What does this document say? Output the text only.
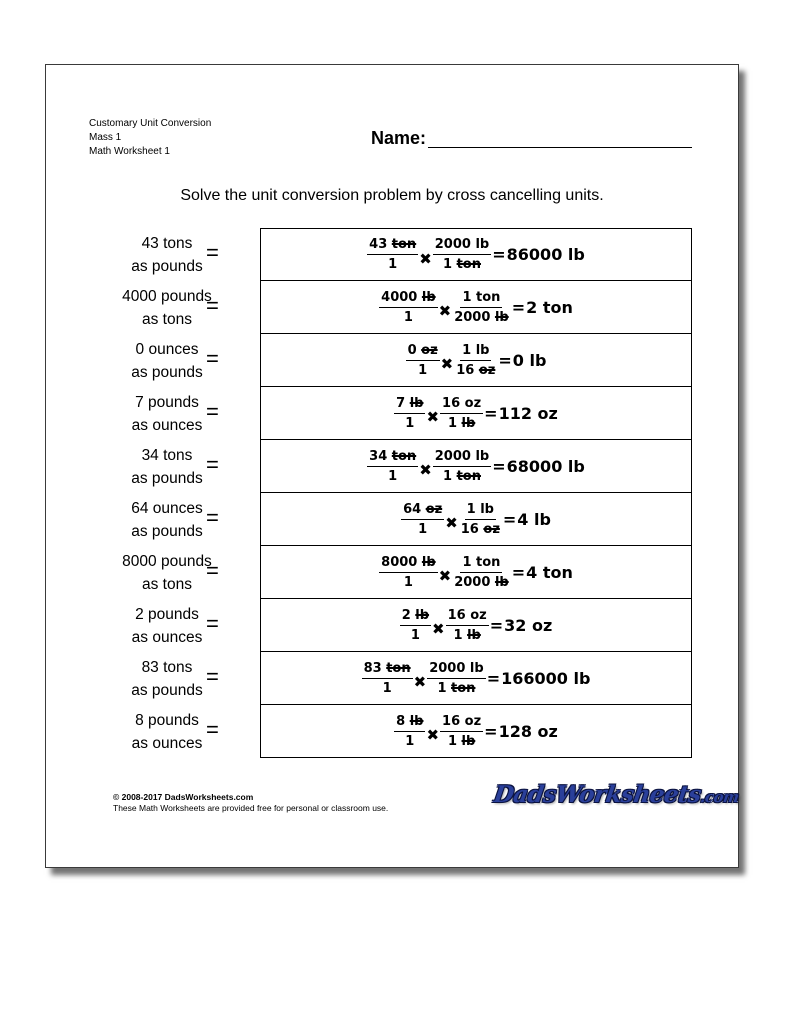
Customary Unit Conversion
Mass 1
Math Worksheet 1
Name:
Solve the unit conversion problem by cross cancelling units.
43 tons
as pounds
=	$\frac{\text{43 ton}}{1}$ ✖ $\frac{2000 lb}{\text{1 ton}} = 86000$ lb
4000 pounds
as tons
=	$\frac{4000 lb}{1}$ ✖ $\frac{\text{1 ton}}{2000 lb} = 2$ ton
0 ounces
as pounds
=	$\frac{0 oz}{1}$ ✖ $\frac{1 lb}{16 oz} = 0$ lb
7 pounds
as ounces
=	$\frac{7 lb}{1}$ ✖ $\frac{16 oz}{1 lb} = 112$ oz
34 tons
as pounds
=	$\frac{\text{34 ton}}{1}$ ✖ $\frac{2000 lb}{\text{1 ton}} = 68000$ lb
64 ounces
as pounds
=	$\frac{64 oz}{1}$ ✖ $\frac{1 lb}{16 oz} = 4$ lb
8000 pounds
as tons
=	$\frac{8000 lb}{1}$ ✖ $\frac{\text{1 ton}}{2000 lb} = 4$ ton
2 pounds
as ounces
=	$\frac{2 lb}{1}$ ✖ $\frac{16 oz}{1 lb} = 32$ oz
83 tons
as pounds
=	$\frac{\text{83 ton}}{1}$ ✖ $\frac{2000 lb}{\text{1 ton}} = 166000$ lb
8 pounds
as ounces
=	$\frac{8 lb}{1}$ ✖ $\frac{16 oz}{1 lb} = 128$ oz
© 2008-2017 DadsWorksheets.com
These Math Worksheets are provided free for personal or classroom use.	DadsWorksheets.com
